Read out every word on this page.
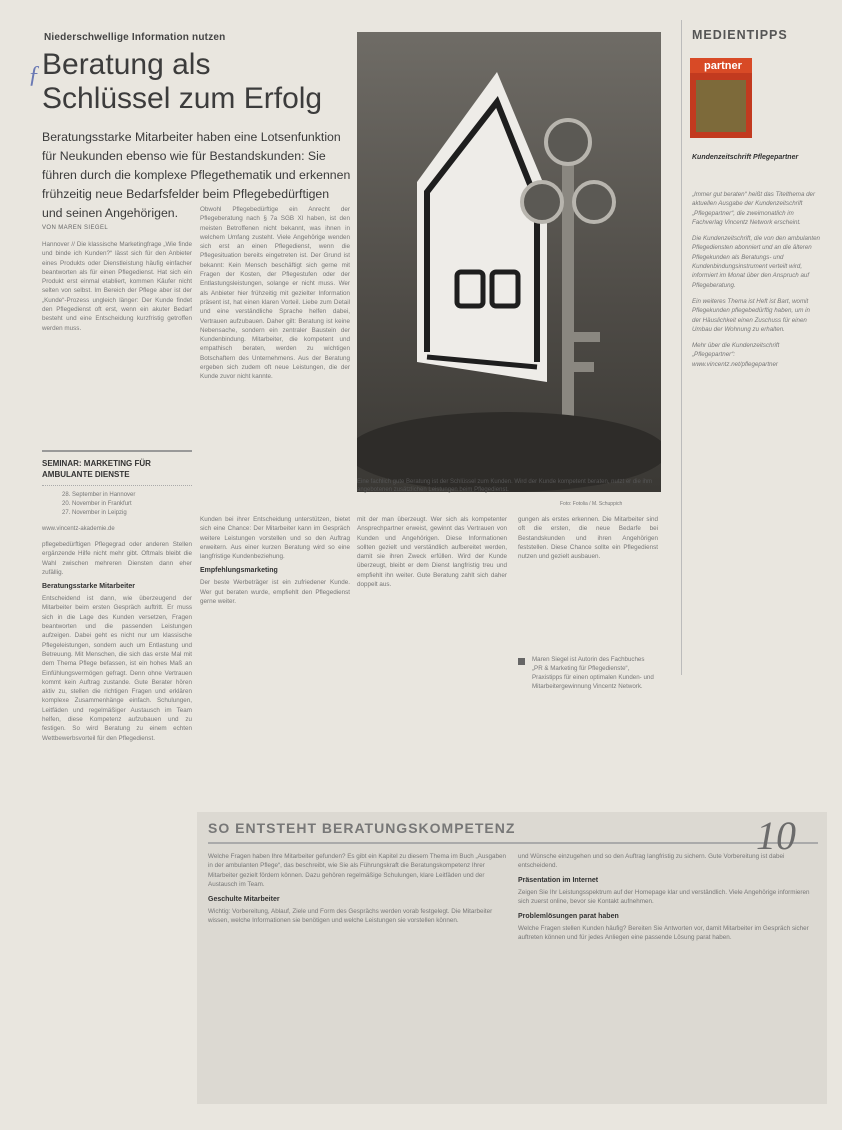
ƒ
Niederschwellige Information nutzen
Beratung als Schlüssel zum Erfolg
Beratungsstarke Mitarbeiter haben eine Lotsenfunktion für Neukunden ebenso wie für Bestandskunden: Sie führen durch die komplexe Pflegethematik und erkennen frühzeitig neue Bedarfsfelder beim Pflegebedürftigen und seinen Angehörigen.
VON MAREN SIEGEL

Hannover // Die klassische Marketingfrage „Wie finde und binde ich Kunden?“ lässt sich für den Anbieter eines Produkts oder Dienstleistung häufig einfacher beantworten als für einen Pflegedienst. Hat sich ein Produkt erst einmal etabliert, kommen Käufer nicht selten von selbst. Im Bereich der Pflege aber ist der „Kunde“-Prozess ungleich länger: Der Kunde findet den Pflegedienst oft erst, wenn ein akuter Bedarf besteht und eine Entscheidung kurzfristig getroffen werden muss.

SEMINAR: MARKETING FÜR AMBULANTE DIENSTE
28. September in Hannover
20. November in Frankfurt
27. November in Leipzig
www.vincentz-akademie.de

pflegebedürftigen Pflegegrad oder anderen Stellen ergänzende Hilfe nicht mehr gibt. Oftmals bleibt die Wahl zwischen mehreren Diensten dann eher zufällig.

Beratungsstarke Mitarbeiter

Entscheidend ist dann, wie überzeugend der Mitarbeiter beim ersten Gespräch auftritt. Er muss sich in die Lage des Kunden versetzen, Fragen beantworten und die passenden Leistungen aufzeigen. Dabei geht es nicht nur um klassische Pflegeleistungen, sondern auch um Entlastung und Betreuung. Mit Menschen, die sich das erste Mal mit dem Thema Pflege befassen, ist ein hohes Maß an Einfühlungsvermögen gefragt. Denn ohne Vertrauen kommt kein Auftrag zustande. Gute Berater hören aktiv zu, stellen die richtigen Fragen und erklären komplexe Zusammenhänge einfach. Schulungen, Leitfäden und regelmäßiger Austausch im Team helfen, diese Kompetenz aufzubauen und zu festigen. So wird Beratung zu einem echten Wettbewerbsvorteil für den Pflegedienst.

Obwohl Pflegebedürftige ein Anrecht der Pflegeberatung nach § 7a SGB XI haben, ist den meisten Betroffenen nicht bekannt, was ihnen in welchem Umfang zusteht. Viele Angehörige wenden sich erst an einen Pflegedienst, wenn die Pflegesituation bereits eingetreten ist. Der Grund ist bekannt: Kein Mensch beschäftigt sich gerne mit Fragen der Kosten, der Pflegestufen oder der Entlastungsleistungen, solange er nicht muss. Wer als Anbieter hier frühzeitig mit gezielter Information präsent ist, hat einen klaren Vorteil. Liebe zum Detail und eine verständliche Sprache helfen dabei, Vertrauen aufzubauen. Daher gilt: Beratung ist keine Nebensache, sondern ein zentraler Baustein der Kundenbindung. Mitarbeiter, die kompetent und empathisch beraten, werden zu wichtigen Botschaftern des Unternehmens. Aus der Beratung ergeben sich zudem oft neue Leistungen, die der Kunde zuvor nicht kannte.

Kunden bei ihrer Entscheidung unterstützen, bietet sich eine Chance: Der Mitarbeiter kann im Gespräch weitere Leistungen vorstellen und so den Auftrag erweitern. Aus einer kurzen Beratung wird so eine langfristige Kundenbeziehung.

Empfehlungsmarketing

Der beste Werbeträger ist ein zufriedener Kunde. Wer gut beraten wurde, empfiehlt den Pflegedienst gerne weiter.

Eine fachlich gute Beratung ist der Schlüssel zum Kunden. Wird der Kunde kompetent beraten, nutzt er die ihm angebotenen zusätzlichen Leistungen beim Pflegedienst.
Foto: Fotolia / M. Schuppich

mit der man überzeugt. Wer sich als kompetenter Ansprechpartner erweist, gewinnt das Vertrauen von Kunden und Angehörigen. Diese Informationen sollten gezielt und verständlich aufbereitet werden, damit sie ihren Zweck erfüllen. Wird der Kunde überzeugt, bleibt er dem Dienst langfristig treu und empfiehlt ihn weiter. Gute Beratung zahlt sich daher doppelt aus.

gungen als erstes erkennen. Die Mitarbeiter sind oft die ersten, die neue Bedarfe bei Bestandskunden und ihren Angehörigen feststellen. Diese Chance sollte ein Pflegedienst nutzen und gezielt ausbauen.

Maren Siegel ist Autorin des Fachbuches „PR & Marketing für Pflegedienste“, Praxistipps für einen optimalen Kunden- und Mitarbeitergewinnung Vincentz Network.
MEDIENTIPPS
partner
Kundenzeitschrift Pflegepartner

„Immer gut beraten“ heißt das Titelthema der aktuellen Ausgabe der Kundenzeitschrift „Pflegepartner“, die zweimonatlich im Fachverlag Vincentz Network erscheint.

Die Kundenzeitschrift, die von den ambulanten Pflegediensten abonniert und an die älteren Pflegekunden als Beratungs- und Kundenbindungsinstrument verteilt wird, informiert im Monat über den Anspruch auf Pflegeberatung.

Ein weiteres Thema ist Heft ist Bart, womit Pflegekunden pflegebedürftig haben, um in der Häuslichkeit einen Zuschuss für einen Umbau der Wohnung zu erhalten.

Mehr über die Kundenzeitschrift „Pflegepartner“: www.vincentz.net/pflegepartner

SO ENTSTEHT BERATUNGSKOMPETENZ	10

Welche Fragen haben Ihre Mitarbeiter gefunden? Es gibt ein Kapitel zu diesem Thema im Buch „Ausgaben in der ambulanten Pflege“, das beschreibt, wie Sie als Führungskraft die Beratungskompetenz Ihrer Mitarbeiter gezielt fördern können. Dazu gehören regelmäßige Schulungen, klare Leitfäden und der Austausch im Team.

Geschulte Mitarbeiter

Wichtig: Vorbereitung, Ablauf, Ziele und Form des Gesprächs werden vorab festgelegt. Die Mitarbeiter wissen, welche Informationen sie benötigen und welche Leistungen sie vorstellen können.

und Wünsche einzugehen und so den Auftrag langfristig zu sichern. Gute Vorbereitung ist dabei entscheidend.

Präsentation im Internet

Zeigen Sie Ihr Leistungsspektrum auf der Homepage klar und verständlich. Viele Angehörige informieren sich zuerst online, bevor sie Kontakt aufnehmen.

Problemlösungen parat haben

Welche Fragen stellen Kunden häufig? Bereiten Sie Antworten vor, damit Mitarbeiter im Gespräch sicher auftreten können und für jedes Anliegen eine passende Lösung parat haben.
